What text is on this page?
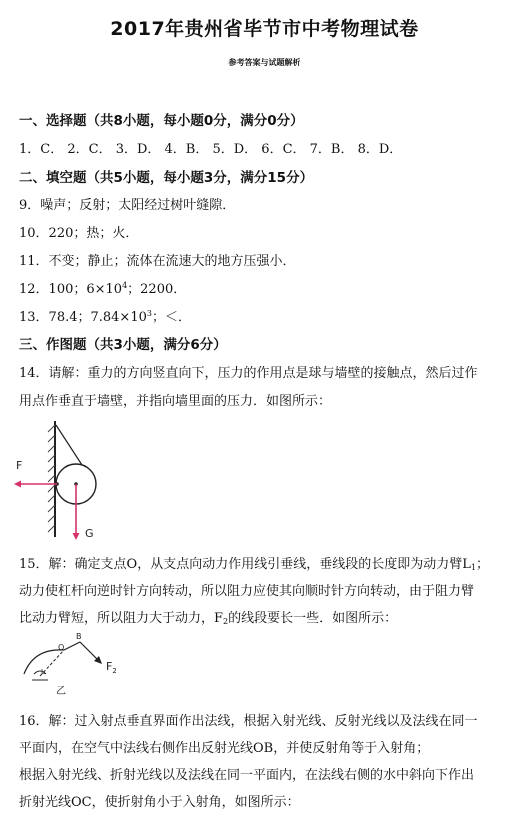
2017年贵州省毕节市中考物理试卷
参考答案与试题解析
一、选择题（共8小题，每小题0分，满分0分）
1．C． 2．C． 3．D． 4．B． 5．D． 6．C． 7．B． 8．D．
二、填空题（共5小题，每小题3分，满分15分）
9．噪声；反射；太阳经过树叶缝隙．
10．220；热；火．
11．不变；静止；流体在流速大的地方压强小．
12．100；$6\times 10^4$；2200．
13．78.4；$7.84\times 10^3$；＜．
三、作图题（共3小题，满分6分）
14．请解：重力的方向竖直向下，压力的作用点是球与墙壁的接触点，然后过作
用点作垂直于墙壁，并指向墙里面的压力．如图所示：
F
G
15．解：确定支点O，从支点向动力作用线引垂线，垂线段的长度即为动力臂$L_1$；
动力使杠杆向逆时针方向转动，所以阻力应使其向顺时针方向转动，由于阻力臂
比动力臂短，所以阻力大于动力，$F_2$的线段要长一些．如图所示：
B
O
$F_2$
L
乙
16．解：过入射点垂直界面作出法线，根据入射光线、反射光线以及法线在同一
平面内，在空气中法线右侧作出反射光线OB，并使反射角等于入射角；
根据入射光线、折射光线以及法线在同一平面内，在法线右侧的水中斜向下作出
折射光线OC，使折射角小于入射角，如图所示：
